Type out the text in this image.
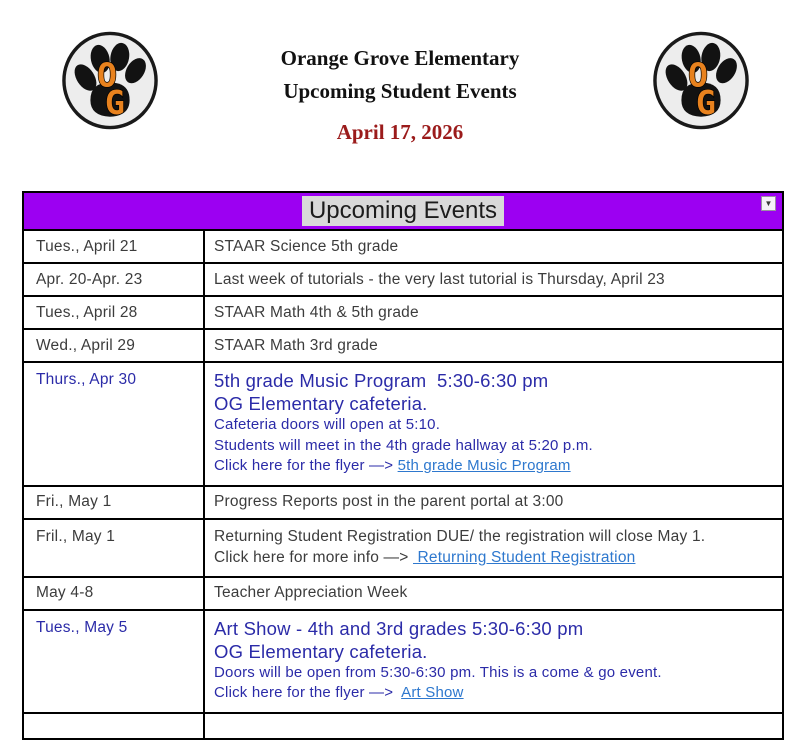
O
G
O
G
Orange Grove Elementary
Upcoming Student Events
April 17, 2026
Upcoming Events	▼
Tues., April 21	STAAR Science 5th grade
Apr. 20-Apr. 23	Last week of tutorials - the very last tutorial is Thursday, April 23
Tues., April 28	STAAR Math 4th & 5th grade
Wed., April 29	STAAR Math 3rd grade
Thurs., Apr 30	5th grade Music Program  5:30-6:30 pm
OG Elementary cafeteria.
Cafeteria doors will open at 5:10.
Students will meet in the 4th grade hallway at 5:20 p.m.
Click here for the flyer —> 5th grade Music Program
Fri., May 1	Progress Reports post in the parent portal at 3:00
Fril., May 1	Returning Student Registration DUE/ the registration will close May 1.
Click here for more info —>  Returning Student Registration
May 4-8	Teacher Appreciation Week
Tues., May 5	Art Show - 4th and 3rd grades 5:30-6:30 pm
OG Elementary cafeteria.
Doors will be open from 5:30-6:30 pm. This is a come & go event.
Click here for the flyer —>  Art Show
